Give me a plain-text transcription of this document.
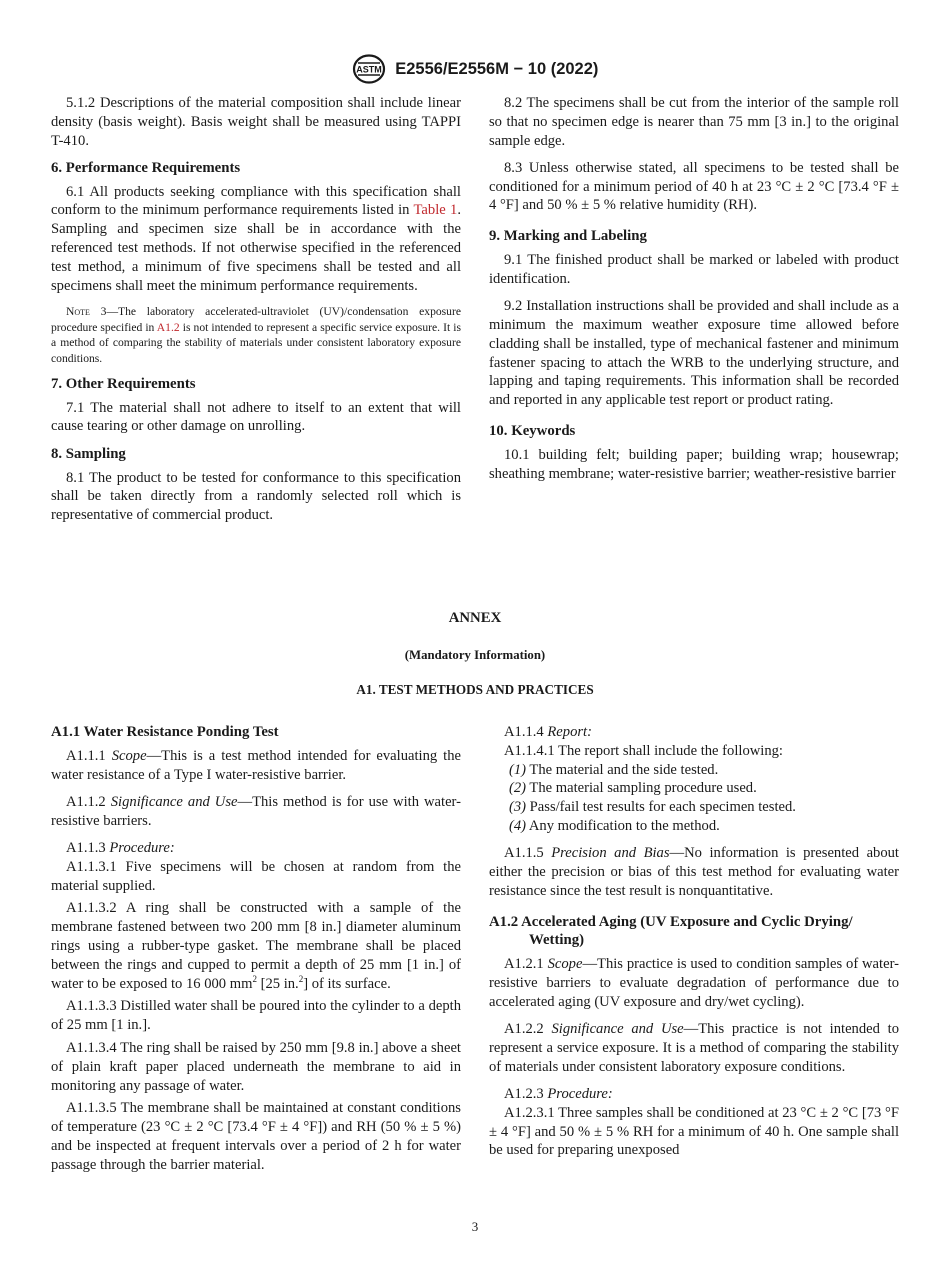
ASTM E2556/E2556M − 10 (2022)

5.1.2 Descriptions of the material composition shall include linear density (basis weight). Basis weight shall be measured using TAPPI T-410.

6. Performance Requirements

6.1 All products seeking compliance with this specification shall conform to the minimum performance requirements listed in Table 1. Sampling and specimen size shall be in accordance with the referenced test methods. If not otherwise specified in the referenced test method, a minimum of five specimens shall be tested and all specimens shall meet the minimum performance requirements.

Note 3—The laboratory accelerated-ultraviolet (UV)/condensation exposure procedure specified in A1.2 is not intended to represent a specific service exposure. It is a method of comparing the stability of materials under consistent laboratory exposure conditions.

7. Other Requirements

7.1 The material shall not adhere to itself to an extent that will cause tearing or other damage on unrolling.

8. Sampling

8.1 The product to be tested for conformance to this specification shall be taken directly from a randomly selected roll which is representative of commercial product.

8.2 The specimens shall be cut from the interior of the sample roll so that no specimen edge is nearer than 75 mm [3 in.] to the original sample edge.

8.3 Unless otherwise stated, all specimens to be tested shall be conditioned for a minimum period of 40 h at 23 °C ± 2 °C [73.4 °F ± 4 °F] and 50 % ± 5 % relative humidity (RH).

9. Marking and Labeling

9.1 The finished product shall be marked or labeled with product identification.

9.2 Installation instructions shall be provided and shall include as a minimum the maximum weather exposure time allowed before cladding shall be installed, type of mechanical fastener and minimum fastener spacing to attach the WRB to the underlying structure, and lapping and taping requirements. This information shall be recorded and reported in any applicable test report or product rating.

10. Keywords

10.1 building felt; building paper; building wrap; housewrap; sheathing membrane; water-resistive barrier; weather-resistive barrier

ANNEX
(Mandatory Information)
A1. TEST METHODS AND PRACTICES
A1.1 Water Resistance Ponding Test

A1.1.1 Scope—This is a test method intended for evaluating the water resistance of a Type I water-resistive barrier.

A1.1.2 Significance and Use—This method is for use with water-resistive barriers.

A1.1.3 Procedure:

A1.1.3.1 Five specimens will be chosen at random from the material supplied.

A1.1.3.2 A ring shall be constructed with a sample of the membrane fastened between two 200 mm [8 in.] diameter aluminum rings using a rubber-type gasket. The membrane shall be placed between the rings and cupped to permit a depth of 25 mm [1 in.] of water to be exposed to 16 000 $mm^2$ [25 in.$^2$] of its surface.

A1.1.3.3 Distilled water shall be poured into the cylinder to a depth of 25 mm [1 in.].

A1.1.3.4 The ring shall be raised by 250 mm [9.8 in.] above a sheet of plain kraft paper placed underneath the membrane to aid in monitoring any passage of water.

A1.1.3.5 The membrane shall be maintained at constant conditions of temperature (23 °C ± 2 °C [73.4 °F ± 4 °F]) and RH (50 % ± 5 %) and be inspected at frequent intervals over a period of 2 h for water passage through the barrier material.

A1.1.4 Report:

A1.1.4.1 The report shall include the following:

(1) The material and the side tested.

(2) The material sampling procedure used.

(3) Pass/fail test results for each specimen tested.

(4) Any modification to the method.

A1.1.5 Precision and Bias—No information is presented about either the precision or bias of this test method for evaluating water resistance since the test result is nonquantitative.

A1.2 Accelerated Aging (UV Exposure and Cyclic Drying/ Wetting)

A1.2.1 Scope—This practice is used to condition samples of water-resistive barriers to evaluate degradation of performance due to accelerated aging (UV exposure and dry/wet cycling).

A1.2.2 Significance and Use—This practice is not intended to represent a service exposure. It is a method of comparing the stability of materials under consistent laboratory exposure conditions.

A1.2.3 Procedure:

A1.2.3.1 Three samples shall be conditioned at 23 °C ± 2 °C [73 °F ± 4 °F] and 50 % ± 5 % RH for a minimum of 40 h. One sample shall be used for preparing unexposed

3
